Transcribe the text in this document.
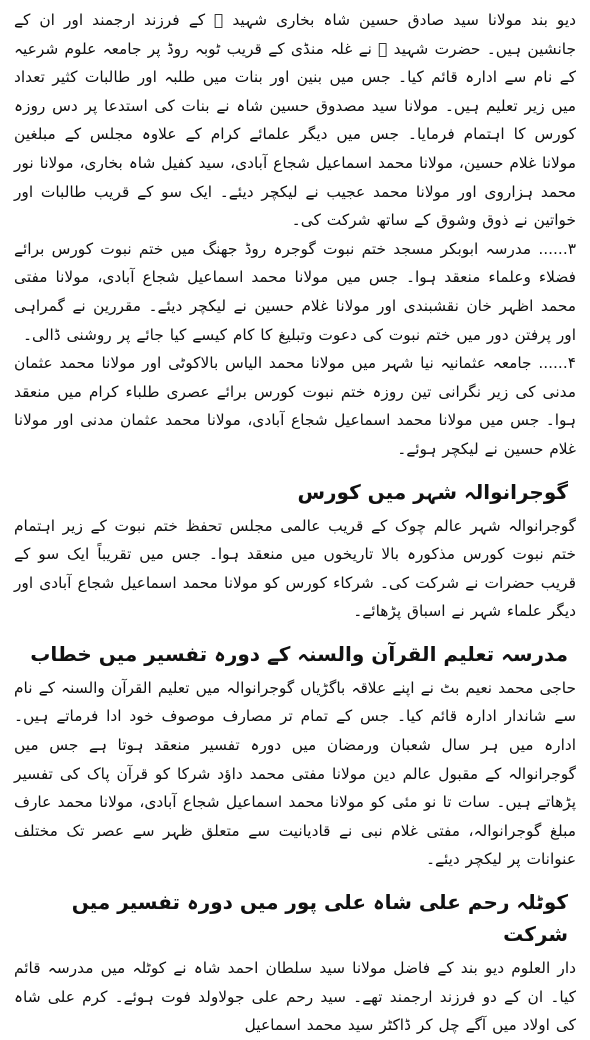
دیو بند مولانا سید صادق حسین شاہ بخاری شہید ﷫ کے فرزند ارجمند اور ان کے جانشین ہیں۔ حضرت شہید ﷫ نے غلہ منڈی کے قریب ٹوبہ روڈ پر جامعہ علوم شرعیہ کے نام سے ادارہ قائم کیا۔ جس میں بنین اور بنات میں طلبہ اور طالبات کثیر تعداد میں زیر تعلیم ہیں۔ مولانا سید مصدوق حسین شاہ نے بنات کی استدعا پر دس روزہ کورس کا اہتمام فرمایا۔ جس میں دیگر علمائے کرام کے علاوہ مجلس کے مبلغین مولانا غلام حسین، مولانا محمد اسماعیل شجاع آبادی، سید کفیل شاہ بخاری، مولانا نور محمد ہزاروی اور مولانا محمد عجیب نے لیکچر دیئے۔ ایک سو کے قریب طالبات اور خواتین نے ذوق وشوق کے ساتھ شرکت کی۔

۳...... مدرسہ ابوبکر مسجد ختم نبوت گوجرہ روڈ جھنگ میں ختم نبوت کورس برائے فضلاء وعلماء منعقد ہوا۔ جس میں مولانا محمد اسماعیل شجاع آبادی، مولانا مفتی محمد اظہر خان نقشبندی اور مولانا غلام حسین نے لیکچر دیئے۔ مقررین نے گمراہی اور پرفتن دور میں ختم نبوت کی دعوت وتبلیغ کا کام کیسے کیا جائے پر روشنی ڈالی۔

۴...... جامعہ عثمانیہ نیا شہر میں مولانا محمد الیاس بالاکوٹی اور مولانا محمد عثمان مدنی کی زیر نگرانی تین روزہ ختم نبوت کورس برائے عصری طلباء کرام میں منعقد ہوا۔ جس میں مولانا محمد اسماعیل شجاع آبادی، مولانا محمد عثمان مدنی اور مولانا غلام حسین نے لیکچر ہوئے۔

گوجرانوالہ شہر میں کورس

گوجرانوالہ شہر عالم چوک کے قریب عالمی مجلس تحفظ ختم نبوت کے زیر اہتمام ختم نبوت کورس مذکورہ بالا تاریخوں میں منعقد ہوا۔ جس میں تقریباً ایک سو کے قریب حضرات نے شرکت کی۔ شرکاء کورس کو مولانا محمد اسماعیل شجاع آبادی اور دیگر علماء شہر نے اسباق پڑھائے۔

مدرسہ تعلیم القرآن والسنہ کے دورہ تفسیر میں خطاب

حاجی محمد نعیم بٹ نے اپنے علاقہ باگڑیاں گوجرانوالہ میں تعلیم القرآن والسنہ کے نام سے شاندار ادارہ قائم کیا۔ جس کے تمام تر مصارف موصوف خود ادا فرماتے ہیں۔ ادارہ میں ہر سال شعبان ورمضان میں دورہ تفسیر منعقد ہوتا ہے جس میں گوجرانوالہ کے مقبول عالم دین مولانا مفتی محمد داؤد شرکا کو قرآن پاک کی تفسیر پڑھاتے ہیں۔ سات تا نو مئی کو مولانا محمد اسماعیل شجاع آبادی، مولانا محمد عارف مبلغ گوجرانوالہ، مفتی غلام نبی نے قادیانیت سے متعلق ظہر سے عصر تک مختلف عنوانات پر لیکچر دیئے۔

کوٹلہ رحم علی شاہ علی پور میں دورہ تفسیر میں شرکت

دار العلوم دیو بند کے فاضل مولانا سید سلطان احمد شاہ نے کوٹلہ میں مدرسہ قائم کیا۔ ان کے دو فرزند ارجمند تھے۔ سید رحم علی جولاولد فوت ہوئے۔ کرم علی شاہ کی اولاد میں آگے چل کر ڈاکٹر سید محمد اسماعیل
